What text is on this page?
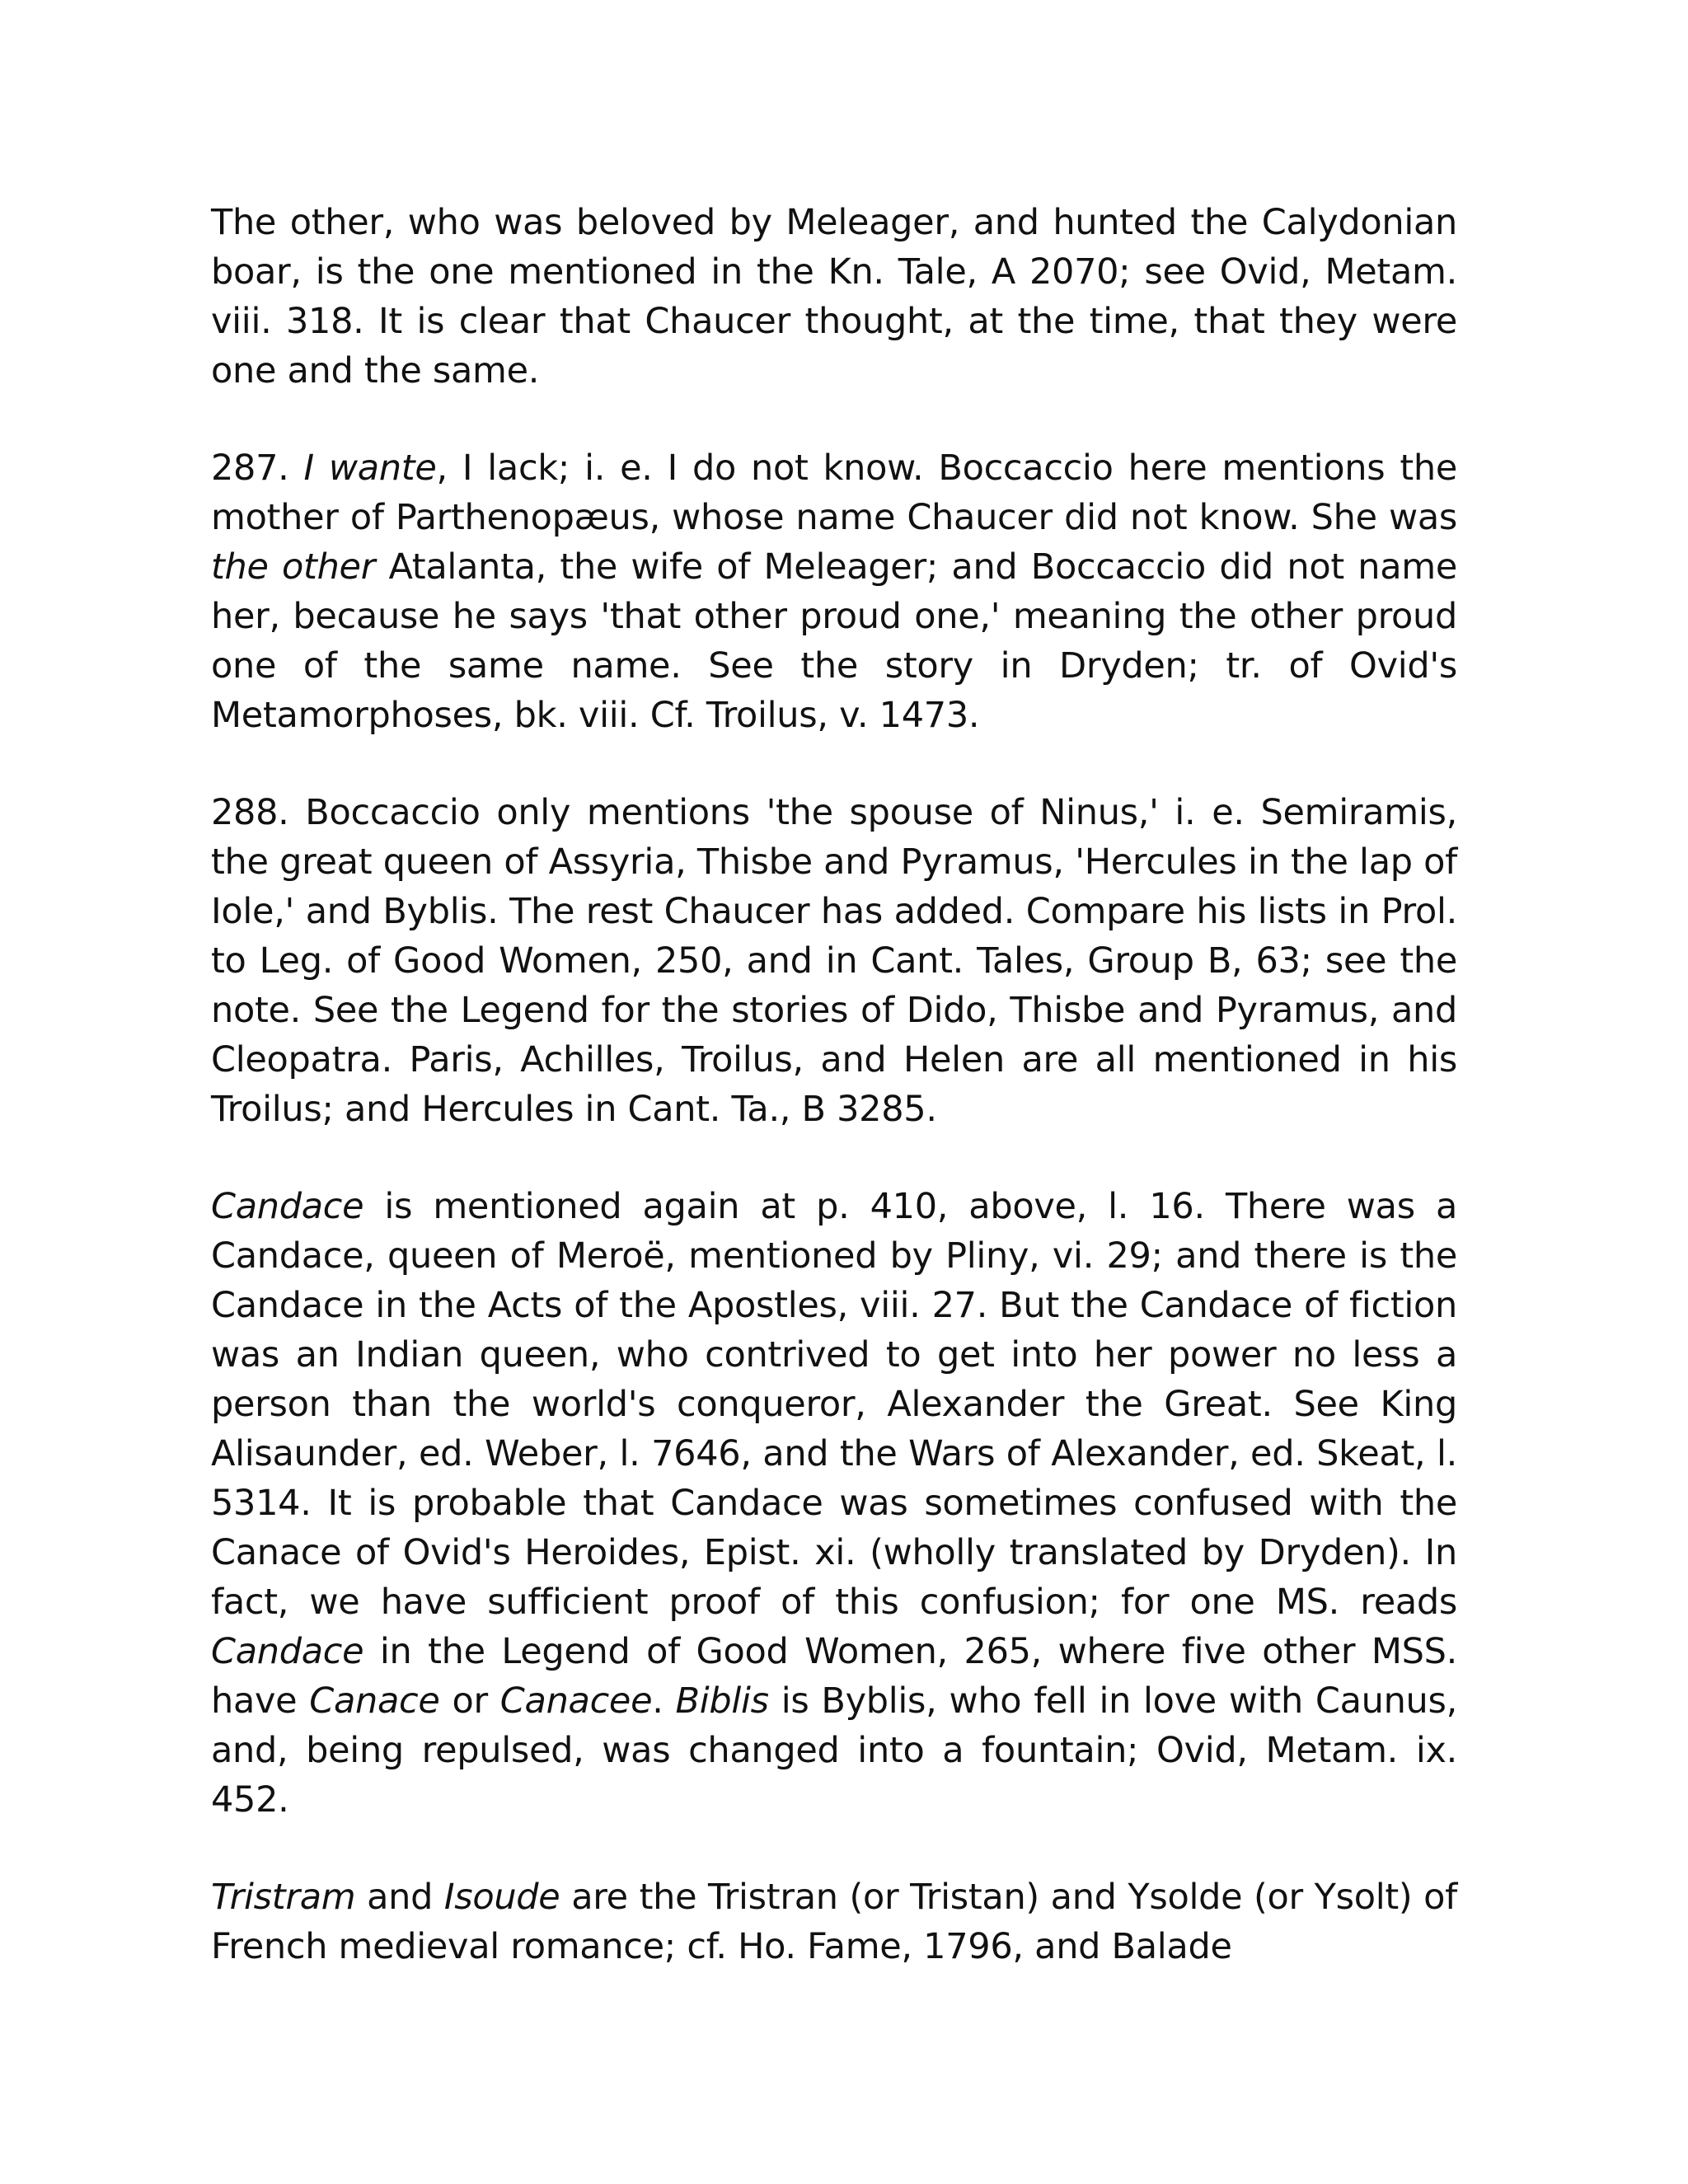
The other, who was beloved by Meleager, and hunted the Calydonian boar, is the one mentioned in the Kn. Tale, A 2070; see Ovid, Metam. viii. 318. It is clear that Chaucer thought, at the time, that they were one and the same.

287. I wante, I lack; i. e. I do not know. Boccaccio here mentions the mother of Parthenopæus, whose name Chaucer did not know. She was the other Atalanta, the wife of Meleager; and Boccaccio did not name her, because he says 'that other proud one,' meaning the other proud one of the same name. See the story in Dryden; tr. of Ovid's Metamorphoses, bk. viii. Cf. Troilus, v. 1473.

288. Boccaccio only mentions 'the spouse of Ninus,' i. e. Semiramis, the great queen of Assyria, Thisbe and Pyramus, 'Hercules in the lap of Iole,' and Byblis. The rest Chaucer has added. Compare his lists in Prol. to Leg. of Good Women, 250, and in Cant. Tales, Group B, 63; see the note. See the Legend for the stories of Dido, Thisbe and Pyramus, and Cleopatra. Paris, Achilles, Troilus, and Helen are all mentioned in his Troilus; and Hercules in Cant. Ta., B 3285.

Candace is mentioned again at p. 410, above, l. 16. There was a Candace, queen of Meroë, mentioned by Pliny, vi. 29; and there is the Candace in the Acts of the Apostles, viii. 27. But the Candace of fiction was an Indian queen, who contrived to get into her power no less a person than the world's conqueror, Alexander the Great. See King Alisaunder, ed. Weber, l. 7646, and the Wars of Alexander, ed. Skeat, l. 5314. It is probable that Candace was sometimes confused with the Canace of Ovid's Heroides, Epist. xi. (wholly translated by Dryden). In fact, we have sufficient proof of this confusion; for one MS. reads Candace in the Legend of Good Women, 265, where five other MSS. have Canace or Canacee. Biblis is Byblis, who fell in love with Caunus, and, being repulsed, was changed into a fountain; Ovid, Metam. ix. 452.

Tristram and Isoude are the Tristran (or Tristan) and Ysolde (or Ysolt) of French medieval romance; cf. Ho. Fame, 1796, and Balade
